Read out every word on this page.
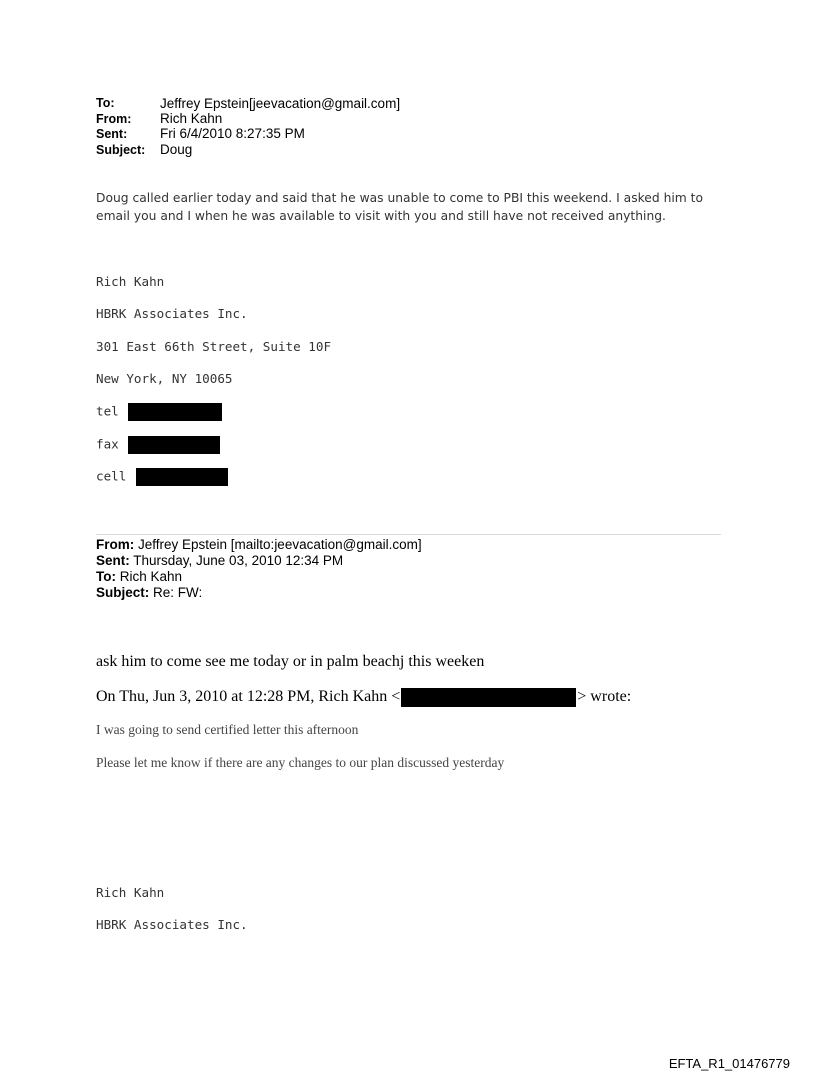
To:	Jeffrey Epstein[jeevacation@gmail.com]
From: Rich Kahn
Sent: Fri 6/4/2010 8:27:35 PM
Subject: Doug
Doug called earlier today and said that he was unable to come to PBI this weekend. I asked him to email you and I when he was available to visit with you and still have not received anything.
Rich Kahn
HBRK Associates Inc.
301 East 66th Street, Suite 10F
New York, NY 10065
tel
fax
cell
From: Jeffrey Epstein [mailto:jeevacation@gmail.com]
Sent: Thursday, June 03, 2010 12:34 PM
To: Rich Kahn
Subject: Re: FW:
ask him to come see me today or in palm beachj this weeken
On Thu, Jun 3, 2010 at 12:28 PM, Rich Kahn <	> wrote:
I was going to send certified letter this afternoon
Please let me know if there are any changes to our plan discussed yesterday
Rich Kahn
HBRK Associates Inc.
EFTA_R1_01476779
